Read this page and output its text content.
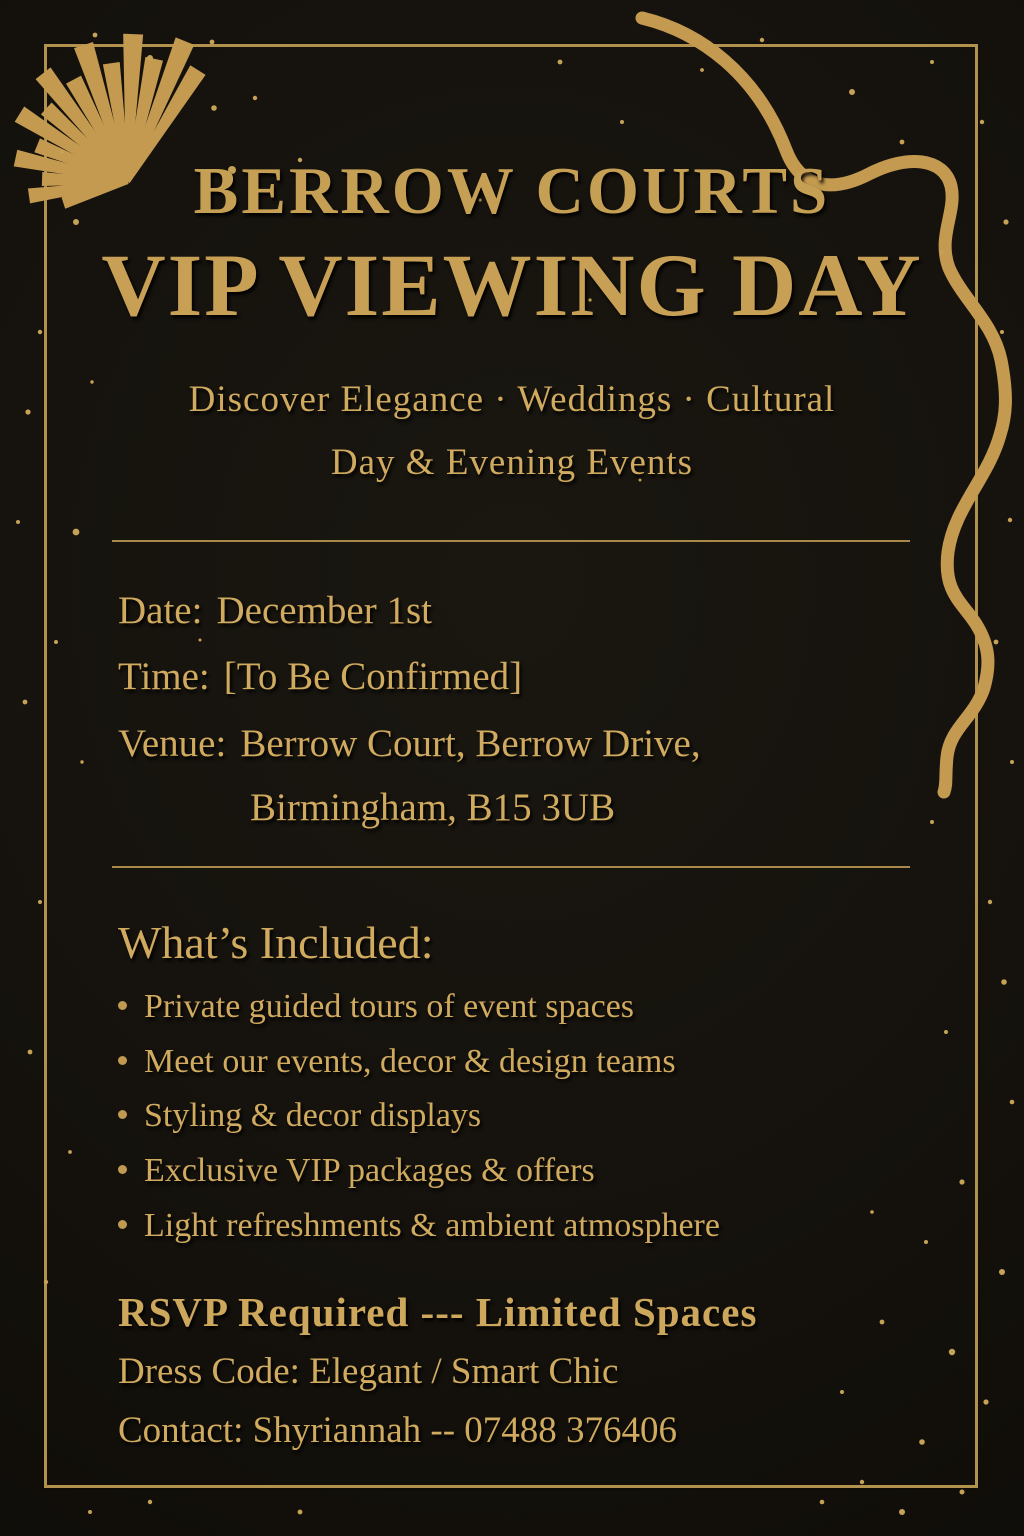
BERROW COURTS
VIP VIEWING DAY
Discover Elegance · Weddings · Cultural
Day & Evening Events
Date: December 1st
Time: [To Be Confirmed]
Venue: Berrow Court, Berrow Drive,
Birmingham, B15 3UB
What’s Included:
Private guided tours of event spaces
Meet our events, decor & design teams
Styling & decor displays
Exclusive VIP packages & offers
Light refreshments & ambient atmosphere
RSVP Required --- Limited Spaces
Dress Code: Elegant / Smart Chic
Contact: Shyriannah -- 07488 376406
